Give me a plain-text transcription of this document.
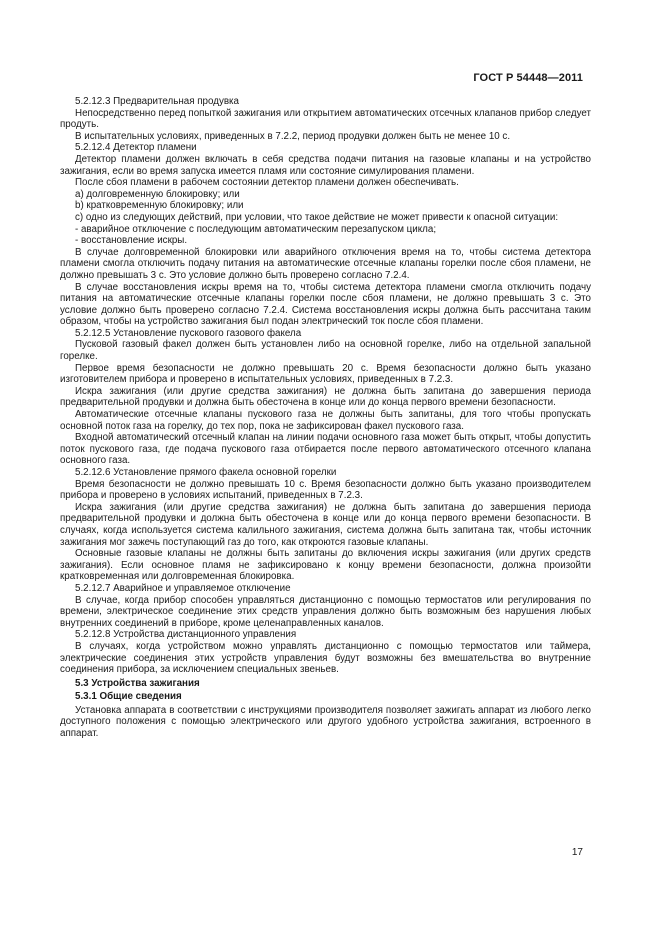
ГОСТ Р 54448—2011

5.2.12.3 Предварительная продувка

Непосредственно перед попыткой зажигания или открытием автоматических отсечных клапанов прибор следует продуть.

В испытательных условиях, приведенных в 7.2.2, период продувки должен быть не менее 10 с.

5.2.12.4 Детектор пламени

Детектор пламени должен включать в себя средства подачи питания на газовые клапаны и на устройство зажигания, если во время запуска имеется пламя или состояние симулирования пламени.

После сбоя пламени в рабочем состоянии детектор пламени должен обеспечивать.

а) долговременную блокировку; или

b) кратковременную блокировку; или

c) одно из следующих действий, при условии, что такое действие не может привести к опасной ситуации:

- аварийное отключение с последующим автоматическим перезапуском цикла;

- восстановление искры.

В случае долговременной блокировки или аварийного отключения время на то, чтобы система детектора пламени смогла отключить подачу питания на автоматические отсечные клапаны горелки после сбоя пламени, не должно превышать 3 с. Это условие должно быть проверено согласно 7.2.4.

В случае восстановления искры время на то, чтобы система детектора пламени смогла отключить подачу питания на автоматические отсечные клапаны горелки после сбоя пламени, не должно превышать 3 с. Это условие должно быть проверено согласно 7.2.4. Система восстановления искры должна быть рассчитана таким образом, чтобы на устройство зажигания был подан электрический ток после сбоя пламени.

5.2.12.5 Установление пускового газового факела

Пусковой газовый факел должен быть установлен либо на основной горелке, либо на отдельной запальной горелке.

Первое время безопасности не должно превышать 20 с. Время безопасности должно быть указано изготовителем прибора и проверено в испытательных условиях, приведенных в 7.2.3.

Искра зажигания (или другие средства зажигания) не должна быть запитана до завершения периода предварительной продувки и должна быть обесточена в конце или до конца первого времени безопасности.

Автоматические отсечные клапаны пускового газа не должны быть запитаны, для того чтобы пропускать основной поток газа на горелку, до тех пор, пока не зафиксирован факел пускового газа.

Входной автоматический отсечный клапан на линии подачи основного газа может быть открыт, чтобы допустить поток пускового газа, где подача пускового газа отбирается после первого автоматического отсечного клапана основного газа.

5.2.12.6 Установление прямого факела основной горелки

Время безопасности не должно превышать 10 с. Время безопасности должно быть указано производителем прибора и проверено в условиях испытаний, приведенных в 7.2.3.

Искра зажигания (или другие средства зажигания) не должна быть запитана до завершения периода предварительной продувки и должна быть обесточена в конце или до конца первого времени безопасности. В случаях, когда используется система калильного зажигания, система должна быть запитана так, чтобы источник зажигания мог зажечь поступающий газ до того, как откроются газовые клапаны.

Основные газовые клапаны не должны быть запитаны до включения искры зажигания (или других средств зажигания). Если основное пламя не зафиксировано к концу времени безопасности, должна произойти кратковременная или долговременная блокировка.

5.2.12.7 Аварийное и управляемое отключение

В случае, когда прибор способен управляться дистанционно с помощью термостатов или регулирования по времени, электрическое соединение этих средств управления должно быть возможным без нарушения любых внутренних соединений в приборе, кроме целенаправленных каналов.

5.2.12.8 Устройства дистанционного управления

В случаях, когда устройством можно управлять дистанционно с помощью термостатов или таймера, электрические соединения этих устройств управления будут возможны без вмешательства во внутренние соединения прибора, за исключением специальных звеньев.

5.3 Устройства зажигания

5.3.1 Общие сведения

Установка аппарата в соответствии с инструкциями производителя позволяет зажигать аппарат из любого легко доступного положения с помощью электрического или другого удобного устройства зажигания, встроенного в аппарат.

17
